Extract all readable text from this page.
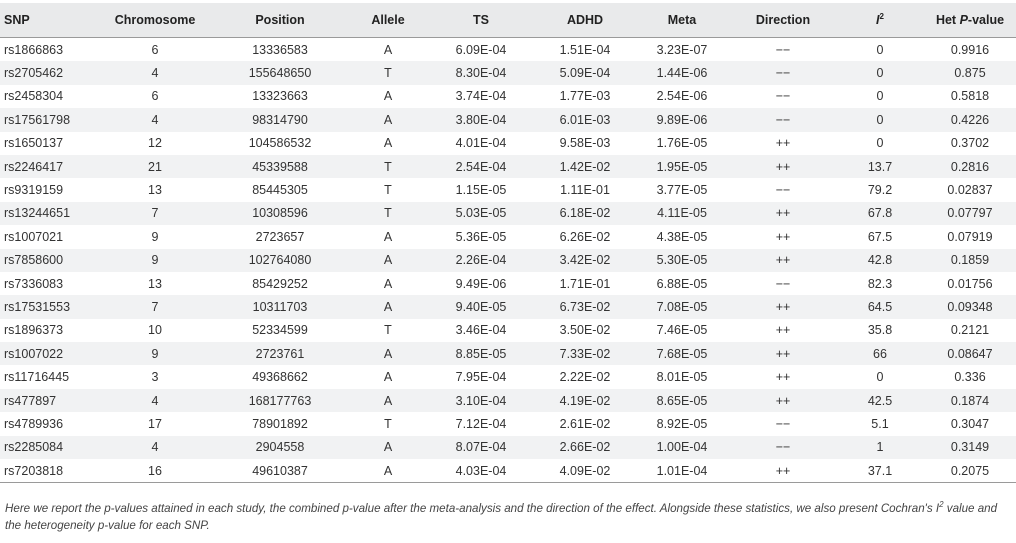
SNP	Chromosome	Position	Allele	TS	ADHD	Meta	Direction	$I^2$	Het P-value
rs1866863	6	13336583	A	6.09E-04	1.51E-04	3.23E-07	−−	0	0.9916
rs2705462	4	155648650	T	8.30E-04	5.09E-04	1.44E-06	−−	0	0.875
rs2458304	6	13323663	A	3.74E-04	1.77E-03	2.54E-06	−−	0	0.5818
rs17561798	4	98314790	A	3.80E-04	6.01E-03	9.89E-06	−−	0	0.4226
rs1650137	12	104586532	A	4.01E-04	9.58E-03	1.76E-05	++	0	0.3702
rs2246417	21	45339588	T	2.54E-04	1.42E-02	1.95E-05	++	13.7	0.2816
rs9319159	13	85445305	T	1.15E-05	1.11E-01	3.77E-05	−−	79.2	0.02837
rs13244651	7	10308596	T	5.03E-05	6.18E-02	4.11E-05	++	67.8	0.07797
rs1007021	9	2723657	A	5.36E-05	6.26E-02	4.38E-05	++	67.5	0.07919
rs7858600	9	102764080	A	2.26E-04	3.42E-02	5.30E-05	++	42.8	0.1859
rs7336083	13	85429252	A	9.49E-06	1.71E-01	6.88E-05	−−	82.3	0.01756
rs17531553	7	10311703	A	9.40E-05	6.73E-02	7.08E-05	++	64.5	0.09348
rs1896373	10	52334599	T	3.46E-04	3.50E-02	7.46E-05	++	35.8	0.2121
rs1007022	9	2723761	A	8.85E-05	7.33E-02	7.68E-05	++	66	0.08647
rs11716445	3	49368662	A	7.95E-04	2.22E-02	8.01E-05	++	0	0.336
rs477897	4	168177763	A	3.10E-04	4.19E-02	8.65E-05	++	42.5	0.1874
rs4789936	17	78901892	T	7.12E-04	2.61E-02	8.92E-05	−−	5.1	0.3047
rs2285084	4	2904558	A	8.07E-04	2.66E-02	1.00E-04	−−	1	0.3149
rs7203818	16	49610387	A	4.03E-04	4.09E-02	1.01E-04	++	37.1	0.2075
Here we report the p-values attained in each study, the combined p-value after the meta-analysis and the direction of the effect. Alongside these statistics, we also present Cochran's $I^2$ value and the heterogeneity p-value for each SNP.
